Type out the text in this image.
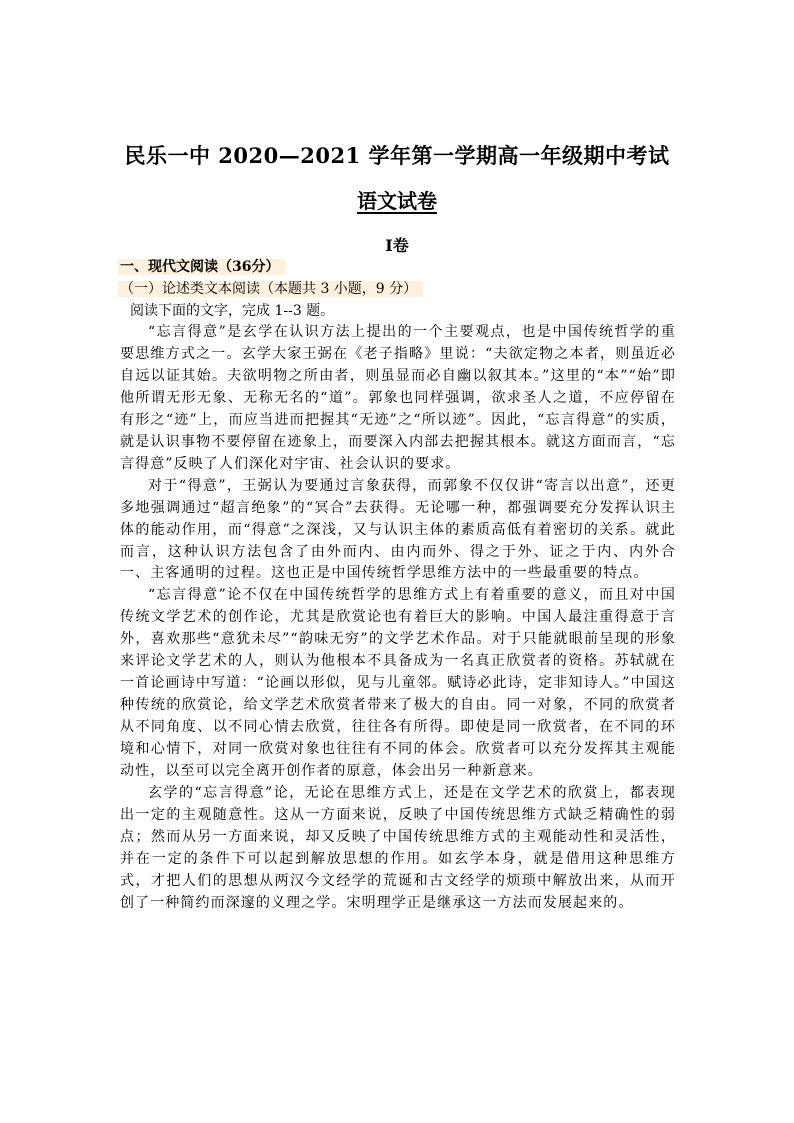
民乐一中 2020—2021 学年第一学期高一年级期中考试
语文试卷
Ⅰ卷
一、现代文阅读（36分）
（一）论述类文本阅读（本题共 3 小题，9 分）
阅读下面的文字，完成 1--3 题。

“忘言得意”是玄学在认识方法上提出的一个主要观点，也是中国传统哲学的重要思维方式之一。玄学大家王弼在《老子指略》里说：“夫欲定物之本者，则虽近必自远以证其始。夫欲明物之所由者，则虽显而必自幽以叙其本。”这里的“本”“始”即他所谓无形无象、无称无名的“道”。郭象也同样强调，欲求圣人之道，不应停留在有形之“迹”上，而应当进而把握其“无迹”之“所以迹”。因此，“忘言得意”的实质，就是认识事物不要停留在迹象上，而要深入内部去把握其根本。就这方面而言，“忘言得意”反映了人们深化对宇宙、社会认识的要求。

对于“得意”，王弼认为要通过言象获得，而郭象不仅仅讲“寄言以出意”，还更多地强调通过“超言绝象”的“冥合”去获得。无论哪一种，都强调要充分发挥认识主体的能动作用，而“得意”之深浅，又与认识主体的素质高低有着密切的关系。就此而言，这种认识方法包含了由外而内、由内而外、得之于外、证之于内、内外合一、主客通明的过程。这也正是中国传统哲学思维方法中的一些最重要的特点。

“忘言得意”论不仅在中国传统哲学的思维方式上有着重要的意义，而且对中国传统文学艺术的创作论，尤其是欣赏论也有着巨大的影响。中国人最注重得意于言外，喜欢那些“意犹未尽”“韵味无穷”的文学艺术作品。对于只能就眼前呈现的形象来评论文学艺术的人，则认为他根本不具备成为一名真正欣赏者的资格。苏轼就在一首论画诗中写道：“论画以形似，见与儿童邻。赋诗必此诗，定非知诗人。”中国这种传统的欣赏论，给文学艺术欣赏者带来了极大的自由。同一对象，不同的欣赏者从不同角度、以不同心情去欣赏，往往各有所得。即使是同一欣赏者，在不同的环境和心情下，对同一欣赏对象也往往有不同的体会。欣赏者可以充分发挥其主观能动性，以至可以完全离开创作者的原意，体会出另一种新意来。

玄学的“忘言得意”论，无论在思维方式上，还是在文学艺术的欣赏上，都表现出一定的主观随意性。这从一方面来说，反映了中国传统思维方式缺乏精确性的弱点；然而从另一方面来说，却又反映了中国传统思维方式的主观能动性和灵活性，并在一定的条件下可以起到解放思想的作用。如玄学本身，就是借用这种思维方式，才把人们的思想从两汉今文经学的荒诞和古文经学的烦琐中解放出来，从而开创了一种简约而深邃的义理之学。宋明理学正是继承这一方法而发展起来的。
